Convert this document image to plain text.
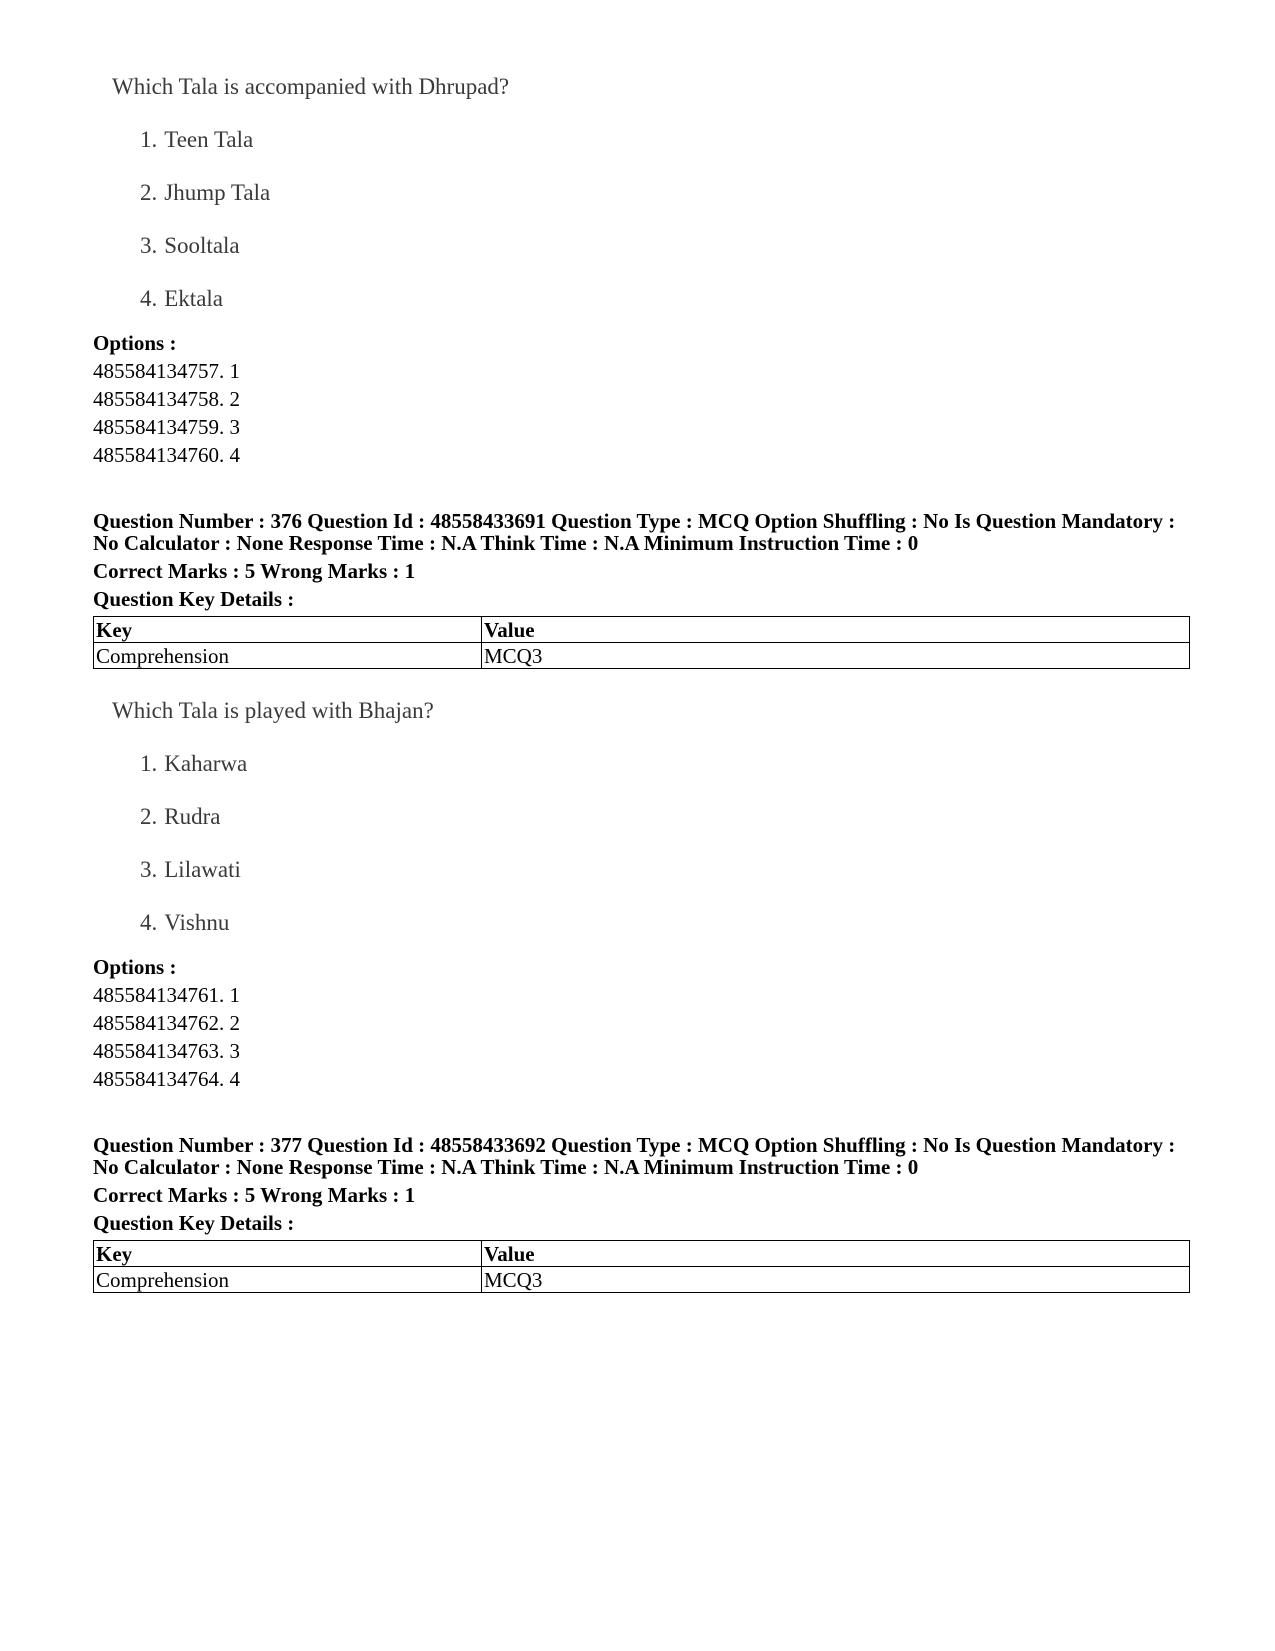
Which Tala is accompanied with Dhrupad?
1. Teen Tala
2. Jhump Tala
3. Sooltala
4. Ektala
Options :
485584134757. 1
485584134758. 2
485584134759. 3
485584134760. 4
Question Number : 376 Question Id : 48558433691 Question Type : MCQ Option Shuffling : No Is Question Mandatory :
No Calculator : None Response Time : N.A Think Time : N.A Minimum Instruction Time : 0
Correct Marks : 5 Wrong Marks : 1
Question Key Details :
Key	Value
Comprehension	MCQ3
Which Tala is played with Bhajan?
1. Kaharwa
2. Rudra
3. Lilawati
4. Vishnu
Options :
485584134761. 1
485584134762. 2
485584134763. 3
485584134764. 4
Question Number : 377 Question Id : 48558433692 Question Type : MCQ Option Shuffling : No Is Question Mandatory :
No Calculator : None Response Time : N.A Think Time : N.A Minimum Instruction Time : 0
Correct Marks : 5 Wrong Marks : 1
Question Key Details :
Key	Value
Comprehension	MCQ3
